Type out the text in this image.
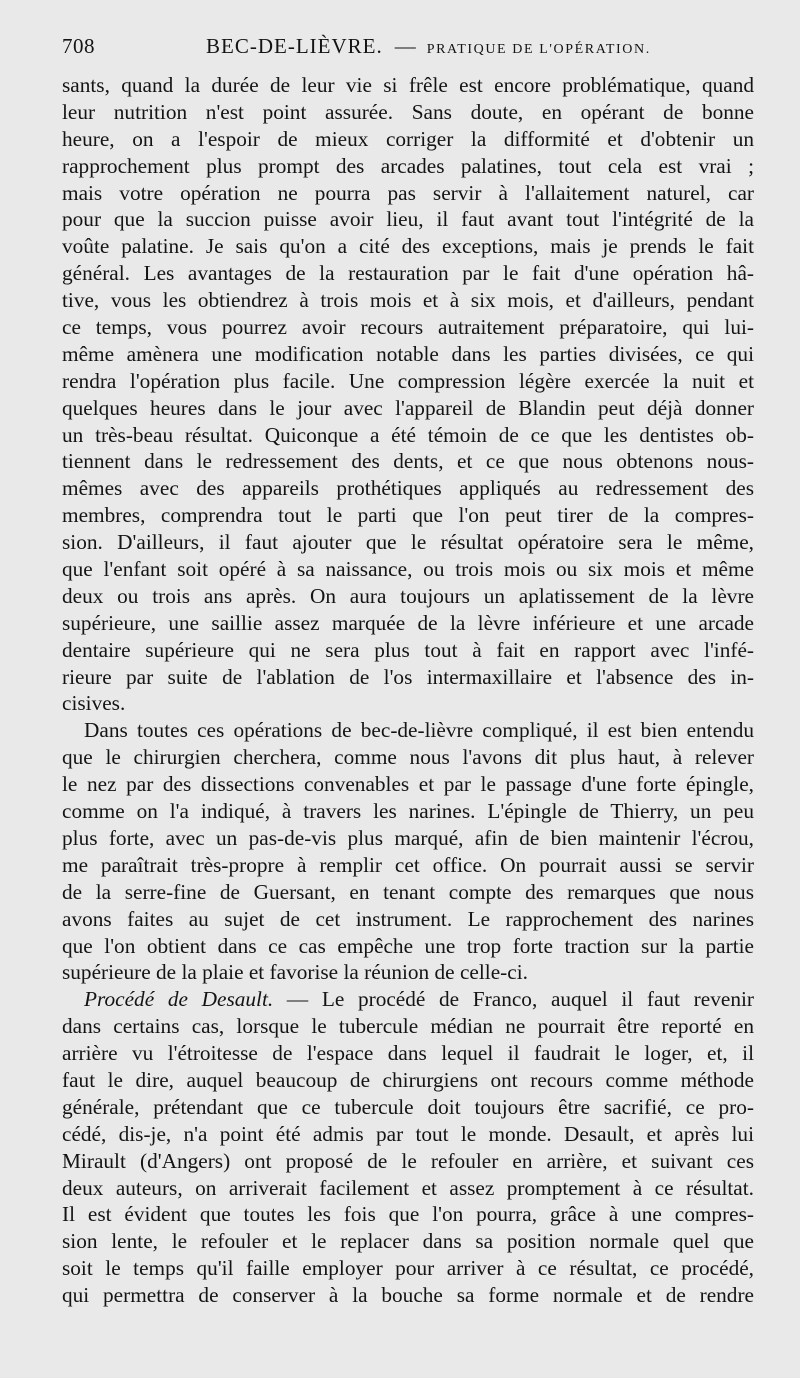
708	BEC-DE-LIÈVRE. — PRATIQUE DE L'OPÉRATION.
sants, quand la durée de leur vie si frêle est encore problématique, quand
leur nutrition n'est point assurée. Sans doute, en opérant de bonne
heure, on a l'espoir de mieux corriger la difformité et d'obtenir un
rapprochement plus prompt des arcades palatines, tout cela est vrai ;
mais votre opération ne pourra pas servir à l'allaitement naturel, car
pour que la succion puisse avoir lieu, il faut avant tout l'intégrité de la
voûte palatine. Je sais qu'on a cité des exceptions, mais je prends le fait
général. Les avantages de la restauration par le fait d'une opération hâ-
tive, vous les obtiendrez à trois mois et à six mois, et d'ailleurs, pendant
ce temps, vous pourrez avoir recours autraitement préparatoire, qui lui-
même amènera une modification notable dans les parties divisées, ce qui
rendra l'opération plus facile. Une compression légère exercée la nuit et
quelques heures dans le jour avec l'appareil de Blandin peut déjà donner
un très-beau résultat. Quiconque a été témoin de ce que les dentistes ob-
tiennent dans le redressement des dents, et ce que nous obtenons nous-
mêmes avec des appareils prothétiques appliqués au redressement des
membres, comprendra tout le parti que l'on peut tirer de la compres-
sion. D'ailleurs, il faut ajouter que le résultat opératoire sera le même,
que l'enfant soit opéré à sa naissance, ou trois mois ou six mois et même
deux ou trois ans après. On aura toujours un aplatissement de la lèvre
supérieure, une saillie assez marquée de la lèvre inférieure et une arcade
dentaire supérieure qui ne sera plus tout à fait en rapport avec l'infé-
rieure par suite de l'ablation de l'os intermaxillaire et l'absence des in-
cisives.
Dans toutes ces opérations de bec-de-lièvre compliqué, il est bien entendu
que le chirurgien cherchera, comme nous l'avons dit plus haut, à relever
le nez par des dissections convenables et par le passage d'une forte épingle,
comme on l'a indiqué, à travers les narines. L'épingle de Thierry, un peu
plus forte, avec un pas-de-vis plus marqué, afin de bien maintenir l'écrou,
me paraîtrait très-propre à remplir cet office. On pourrait aussi se servir
de la serre-fine de Guersant, en tenant compte des remarques que nous
avons faites au sujet de cet instrument. Le rapprochement des narines
que l'on obtient dans ce cas empêche une trop forte traction sur la partie
supérieure de la plaie et favorise la réunion de celle-ci.
Procédé de Desault. — Le procédé de Franco, auquel il faut revenir
dans certains cas, lorsque le tubercule médian ne pourrait être reporté en
arrière vu l'étroitesse de l'espace dans lequel il faudrait le loger, et, il
faut le dire, auquel beaucoup de chirurgiens ont recours comme méthode
générale, prétendant que ce tubercule doit toujours être sacrifié, ce pro-
cédé, dis-je, n'a point été admis par tout le monde. Desault, et après lui
Mirault (d'Angers) ont proposé de le refouler en arrière, et suivant ces
deux auteurs, on arriverait facilement et assez promptement à ce résultat.
Il est évident que toutes les fois que l'on pourra, grâce à une compres-
sion lente, le refouler et le replacer dans sa position normale quel que
soit le temps qu'il faille employer pour arriver à ce résultat, ce procédé,
qui permettra de conserver à la bouche sa forme normale et de rendre
